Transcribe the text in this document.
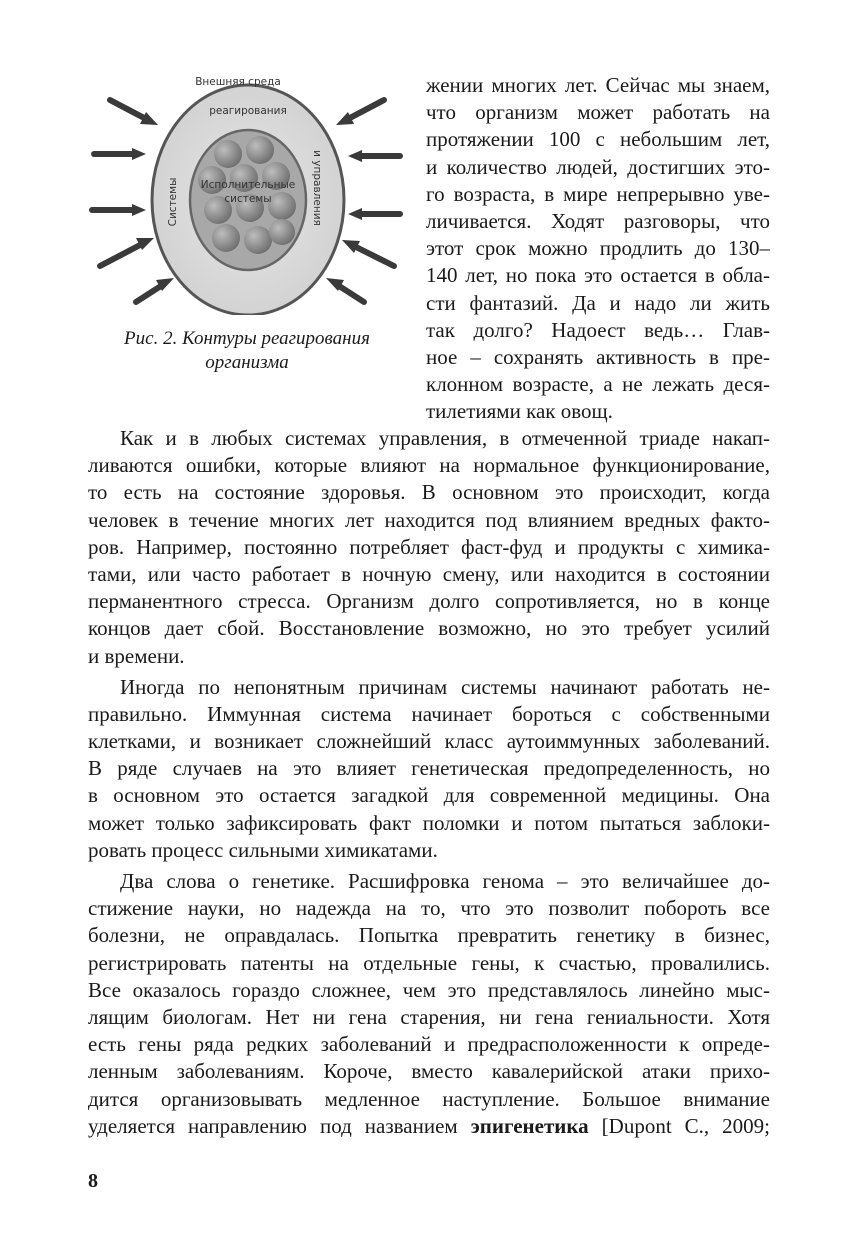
Внешняя среда
реагирования
Системы	и управления
Исполнительные
системы
Рис. 2. Контуры реагирования
организма
жении многих лет. Сейчас мы знаем,
что организм может работать на
протяжении 100 с небольшим лет,
и количество людей, достигших это-
го возраста, в мире непрерывно уве-
личивается. Ходят разговоры, что
этот срок можно продлить до 130–
140 лет, но пока это остается в обла-
сти фантазий. Да и надо ли жить
так долго? Надоест ведь… Глав-
ное – сохранять активность в пре-
клонном возрасте, а не лежать деся-
тилетиями как овощ.
Как и в любых системах управления, в отмеченной триаде накап-
ливаются ошибки, которые влияют на нормальное функционирование,
то есть на состояние здоровья. В основном это происходит, когда
человек в течение многих лет находится под влиянием вредных факто-
ров. Например, постоянно потребляет фаст-фуд и продукты с химика-
тами, или часто работает в ночную смену, или находится в состоянии
перманентного стресса. Организм долго сопротивляется, но в конце
концов дает сбой. Восстановление возможно, но это требует усилий
и времени.
Иногда по непонятным причинам системы начинают работать не-
правильно. Иммунная система начинает бороться с собственными
клетками, и возникает сложнейший класс аутоиммунных заболеваний.
В ряде случаев на это влияет генетическая предопределенность, но
в основном это остается загадкой для современной медицины. Она
может только зафиксировать факт поломки и потом пытаться заблоки-
ровать процесс сильными химикатами.
Два слова о генетике. Расшифровка генома – это величайшее до-
стижение науки, но надежда на то, что это позволит побороть все
болезни, не оправдалась. Попытка превратить генетику в бизнес,
регистрировать патенты на отдельные гены, к счастью, провалились.
Все оказалось гораздо сложнее, чем это представлялось линейно мыс-
лящим биологам. Нет ни гена старения, ни гена гениальности. Хотя
есть гены ряда редких заболеваний и предрасположенности к опреде-
ленным заболеваниям. Короче, вместо кавалерийской атаки прихо-
дится организовывать медленное наступление. Большое внимание
уделяется направлению под названием эпигенетика [Dupont C., 2009;
8
